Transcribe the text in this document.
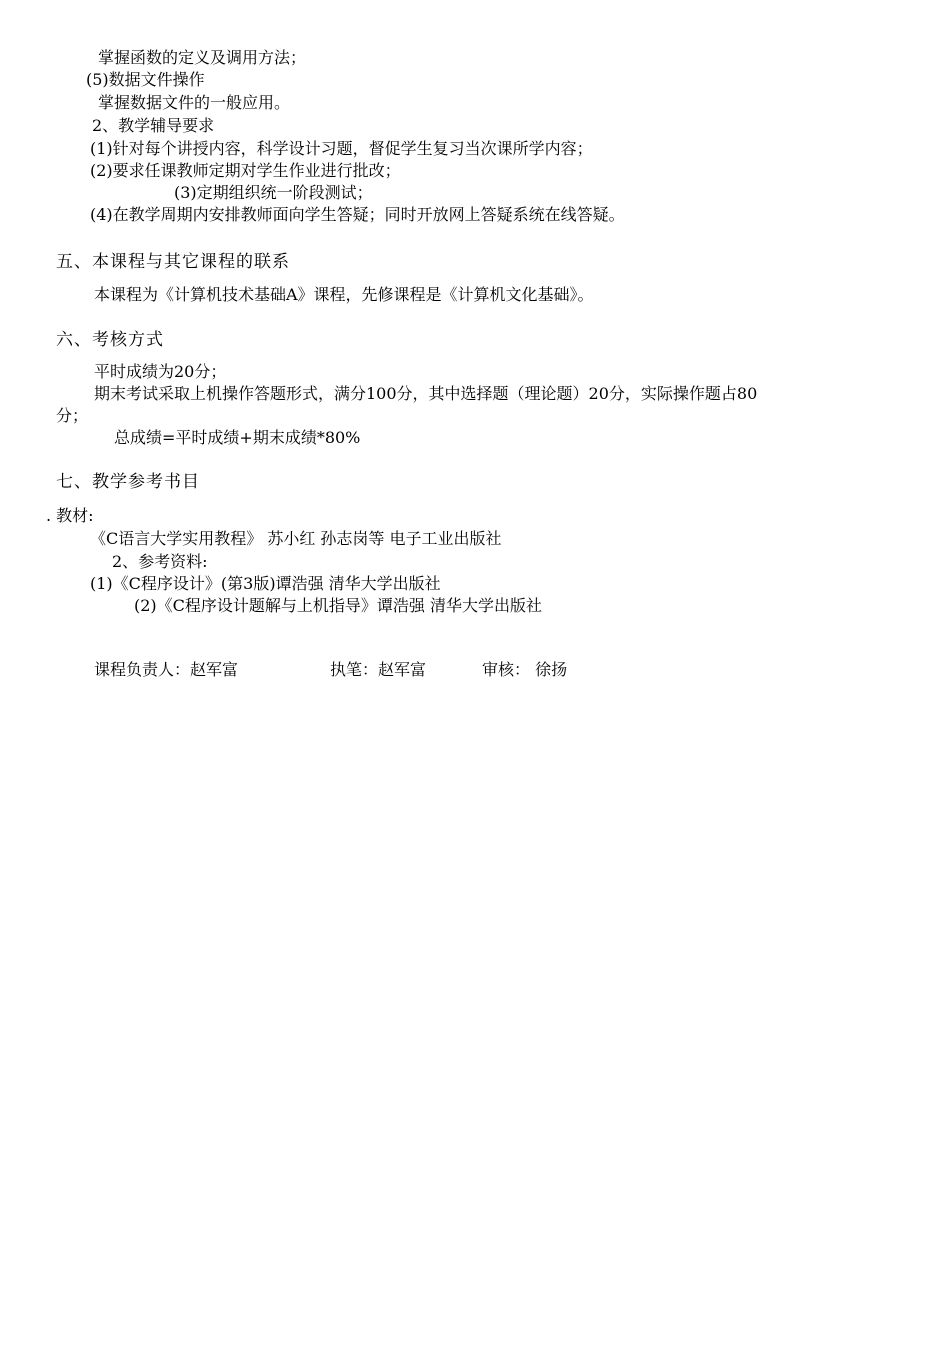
掌握函数的定义及调用方法；
(5)数据文件操作
掌握数据文件的一般应用。
2、教学辅导要求
(1)针对每个讲授内容，科学设计习题，督促学生复习当次课所学内容；
(2)要求任课教师定期对学生作业进行批改；
(3)定期组织统一阶段测试；
(4)在教学周期内安排教师面向学生答疑；同时开放网上答疑系统在线答疑。
五、本课程与其它课程的联系
本课程为《计算机技术基础A》课程，先修课程是《计算机文化基础》。
六、考核方式
平时成绩为20分；
期末考试采取上机操作答题形式，满分100分，其中选择题（理论题）20分，实际操作题占80
分；
总成绩=平时成绩+期末成绩*80%
七、教学参考书目
. 教材:
《C语言大学实用教程》 苏小红 孙志岗等 电子工业出版社
2、参考资料:
(1)《C程序设计》(第3版)谭浩强 清华大学出版社
(2)《C程序设计题解与上机指导》谭浩强 清华大学出版社
课程负责人：赵军富	执笔：赵军富	审核： 徐扬
